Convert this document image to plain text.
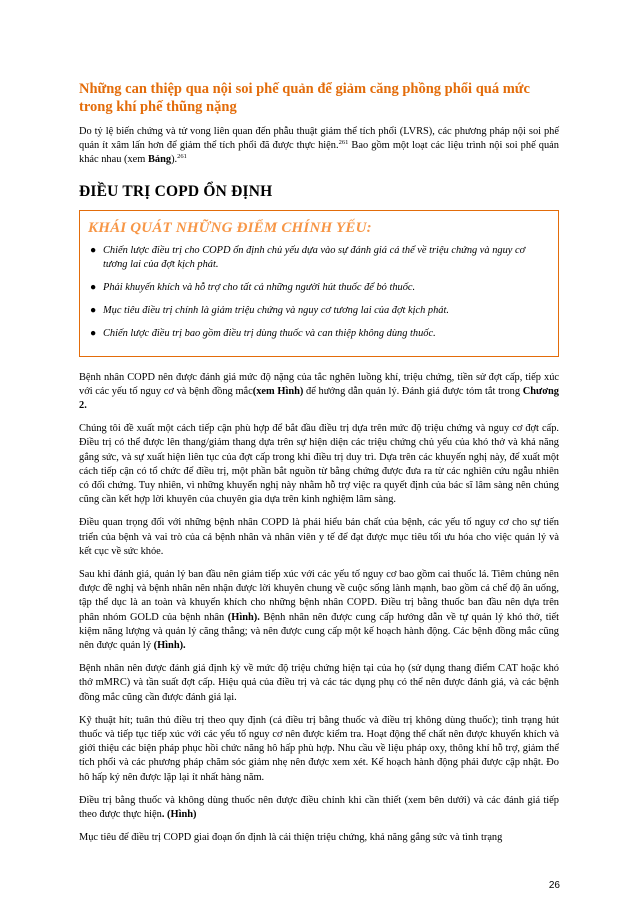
Những can thiệp qua nội soi phế quản để giảm căng phồng phổi quá mức trong khí phế thũng nặng

Do tỷ lệ biến chứng và tử vong liên quan đến phẫu thuật giảm thể tích phổi (LVRS), các phương pháp nội soi phế quản ít xâm lấn hơn để giảm thể tích phổi đã được thực hiện.$^{261}$ Bao gồm một loạt các liệu trình nội soi phế quản khác nhau (xem Bảng).$^{261}$

ĐIỀU TRỊ COPD ỔN ĐỊNH
KHÁI QUÁT NHỮNG ĐIỂM CHÍNH YẾU:
● Chiến lược điều trị cho COPD ổn định chủ yếu dựa vào sự đánh giá cá thể về triệu chứng và nguy cơ tương lai của đợt kịch phát.
● Phải khuyến khích và hỗ trợ cho tất cả những người hút thuốc để bỏ thuốc.
● Mục tiêu điều trị chính là giảm triệu chứng và nguy cơ tương lai của đợt kịch phát.
● Chiến lược điều trị bao gồm điều trị dùng thuốc và can thiệp không dùng thuốc.

Bệnh nhân COPD nên được đánh giá mức độ nặng của tắc nghẽn luồng khí, triệu chứng, tiền sử đợt cấp, tiếp xúc với các yếu tố nguy cơ và bệnh đồng mắc(xem Hình) để hướng dẫn quản lý. Đánh giá được tóm tắt trong Chương 2.

Chúng tôi đề xuất một cách tiếp cận phù hợp để bắt đầu điều trị dựa trên mức độ triệu chứng và nguy cơ đợt cấp. Điều trị có thể được lên thang/giảm thang dựa trên sự hiện diện các triệu chứng chủ yếu của khó thở và khả năng gắng sức, và sự xuất hiện liên tục của đợt cấp trong khi điều trị duy trì. Dựa trên các khuyến nghị này, để xuất một cách tiếp cận có tổ chức để điều trị, một phần bắt nguồn từ bằng chứng được đưa ra từ các nghiên cứu ngẫu nhiên có đối chứng. Tuy nhiên, vì những khuyến nghị này nhằm hỗ trợ việc ra quyết định của bác sĩ lâm sàng nên chúng cũng cần kết hợp lời khuyên của chuyên gia dựa trên kinh nghiệm lâm sàng.

Điều quan trọng đối với những bệnh nhân COPD là phải hiểu bản chất của bệnh, các yếu tố nguy cơ cho sự tiến triển của bệnh và vai trò của cá bệnh nhân và nhân viên y tế để đạt được mục tiêu tối ưu hóa cho việc quản lý và kết cục về sức khỏe.

Sau khi đánh giá, quản lý ban đầu nên giảm tiếp xúc với các yếu tố nguy cơ bao gồm cai thuốc lá. Tiêm chủng nên được đề nghị và bệnh nhân nên nhận được lời khuyên chung về cuộc sống lành mạnh, bao gồm cả chế độ ăn uống, tập thể dục là an toàn và khuyến khích cho những bệnh nhân COPD. Điều trị bằng thuốc ban đầu nên dựa trên phân nhóm GOLD của bệnh nhân (Hình). Bệnh nhân nên được cung cấp hướng dẫn về tự quản lý khó thở, tiết kiệm năng lượng và quản lý căng thẳng; và nên được cung cấp một kế hoạch hành động. Các bệnh đồng mắc cũng nên được quản lý (Hình).

Bệnh nhân nên được đánh giá định kỳ về mức độ triệu chứng hiện tại của họ (sử dụng thang điểm CAT hoặc khó thở mMRC) và tần suất đợt cấp. Hiệu quả của điều trị và các tác dụng phụ có thể nên được đánh giá, và các bệnh đồng mắc cũng cần được đánh giá lại.

Kỹ thuật hít; tuân thủ điều trị theo quy định (cả điều trị bằng thuốc và điều trị không dùng thuốc); tình trạng hút thuốc và tiếp tục tiếp xúc với các yếu tố nguy cơ nên được kiểm tra. Hoạt động thể chất nên được khuyến khích và giới thiệu các biện pháp phục hồi chức năng hô hấp phù hợp. Nhu cầu về liệu pháp oxy, thông khí hỗ trợ, giảm thể tích phổi và các phương pháp chăm sóc giảm nhẹ nên được xem xét. Kế hoạch hành động phải được cập nhật. Đo hô hấp ký nên được lặp lại ít nhất hàng năm.

Điều trị bằng thuốc và không dùng thuốc nên được điều chỉnh khi cần thiết (xem bên dưới) và các đánh giá tiếp theo được thực hiện. (Hình)

Mục tiêu để điều trị COPD giai đoạn ổn định là cải thiện triệu chứng, khả năng gắng sức và tình trạng

26
